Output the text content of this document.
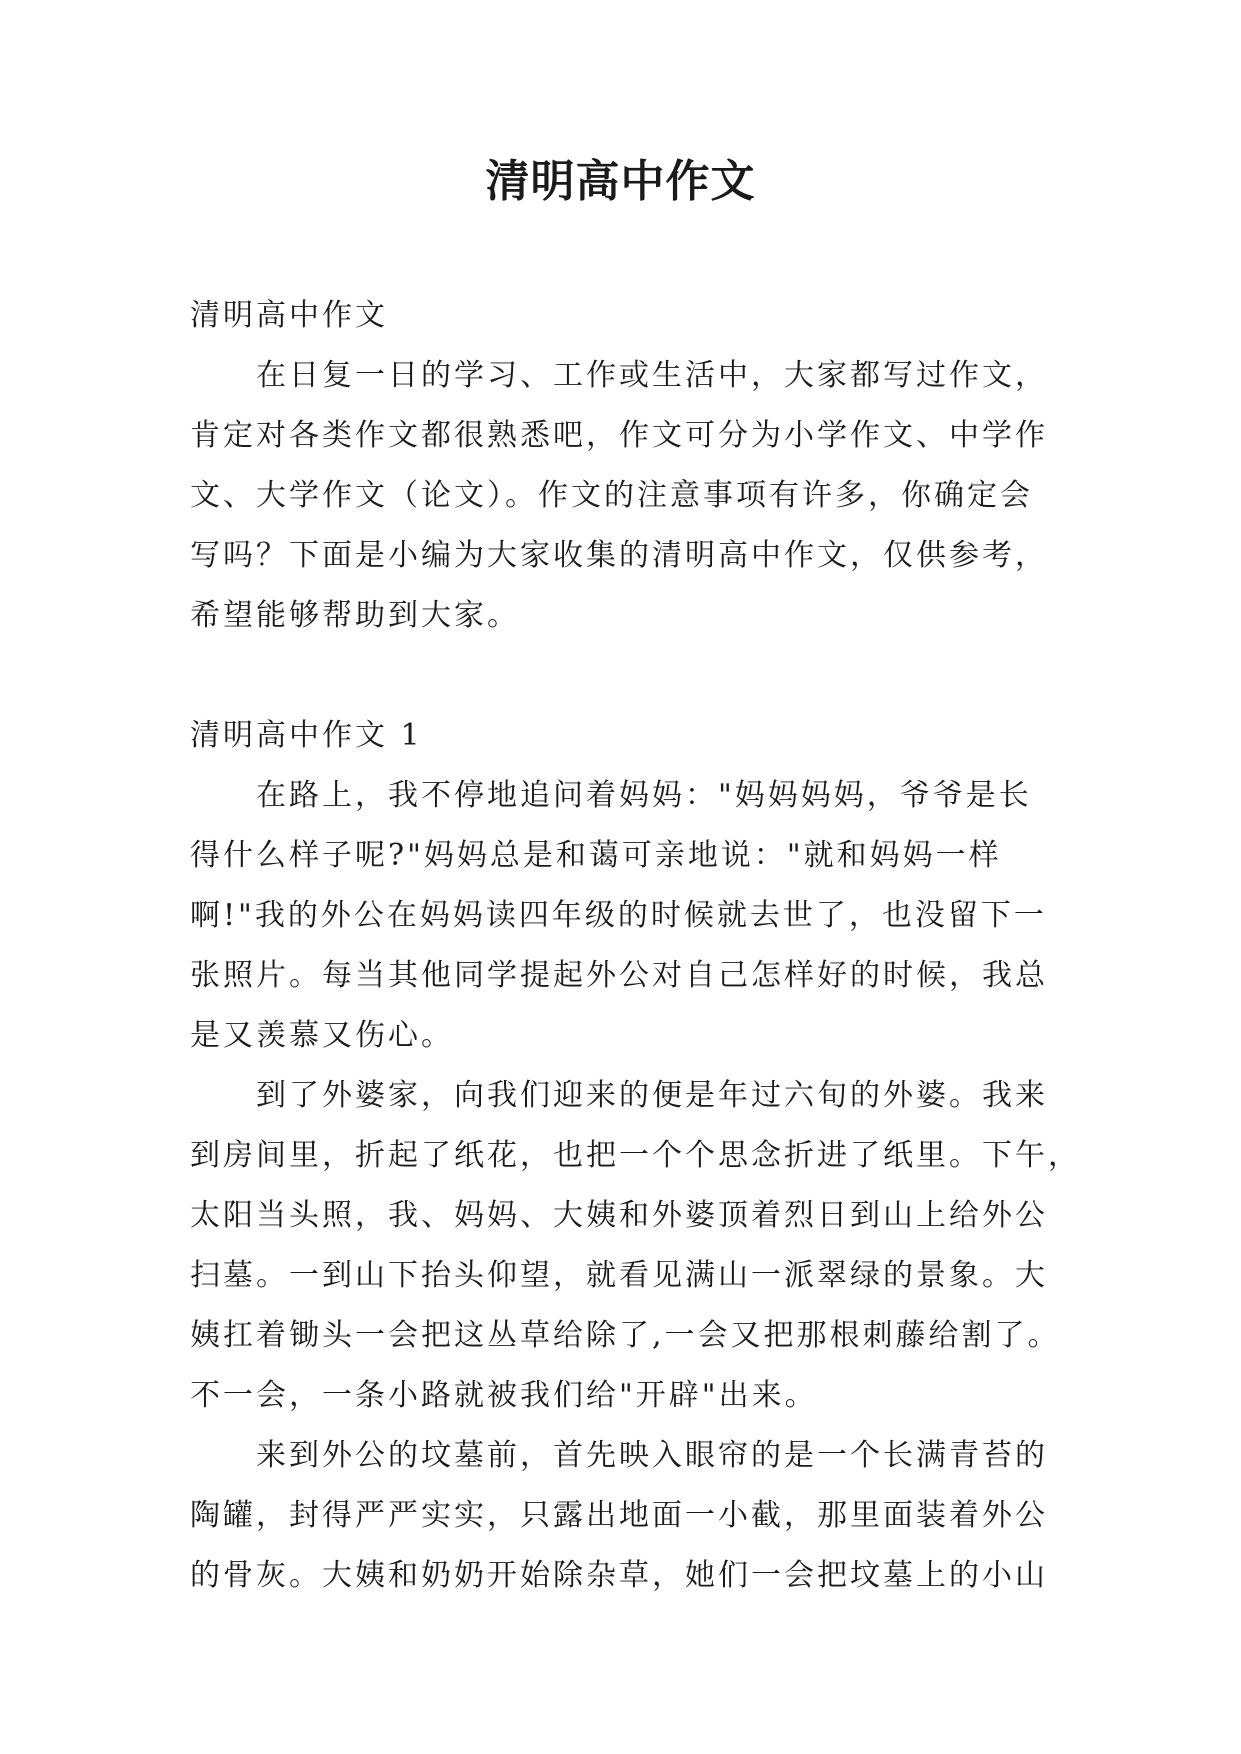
清明高中作文

清明高中作文

在日复一日的学习、工作或生活中，大家都写过作文，

肯定对各类作文都很熟悉吧，作文可分为小学作文、中学作

文、大学作文（论文）。作文的注意事项有许多，你确定会

写吗？下面是小编为大家收集的清明高中作文，仅供参考，

希望能够帮助到大家。

清明高中作文 1

在路上，我不停地追问着妈妈："妈妈妈妈，爷爷是长

得什么样子呢?"妈妈总是和蔼可亲地说："就和妈妈一样

啊!"我的外公在妈妈读四年级的时候就去世了，也没留下一

张照片。每当其他同学提起外公对自己怎样好的时候，我总

是又羡慕又伤心。

到了外婆家，向我们迎来的便是年过六旬的外婆。我来

到房间里，折起了纸花，也把一个个思念折进了纸里。下午，

太阳当头照，我、妈妈、大姨和外婆顶着烈日到山上给外公

扫墓。一到山下抬头仰望，就看见满山一派翠绿的景象。大

姨扛着锄头一会把这丛草给除了,一会又把那根刺藤给割了。

不一会，一条小路就被我们给"开辟"出来。

来到外公的坟墓前，首先映入眼帘的是一个长满青苔的

陶罐，封得严严实实，只露出地面一小截，那里面装着外公

的骨灰。大姨和奶奶开始除杂草，她们一会把坟墓上的小山
